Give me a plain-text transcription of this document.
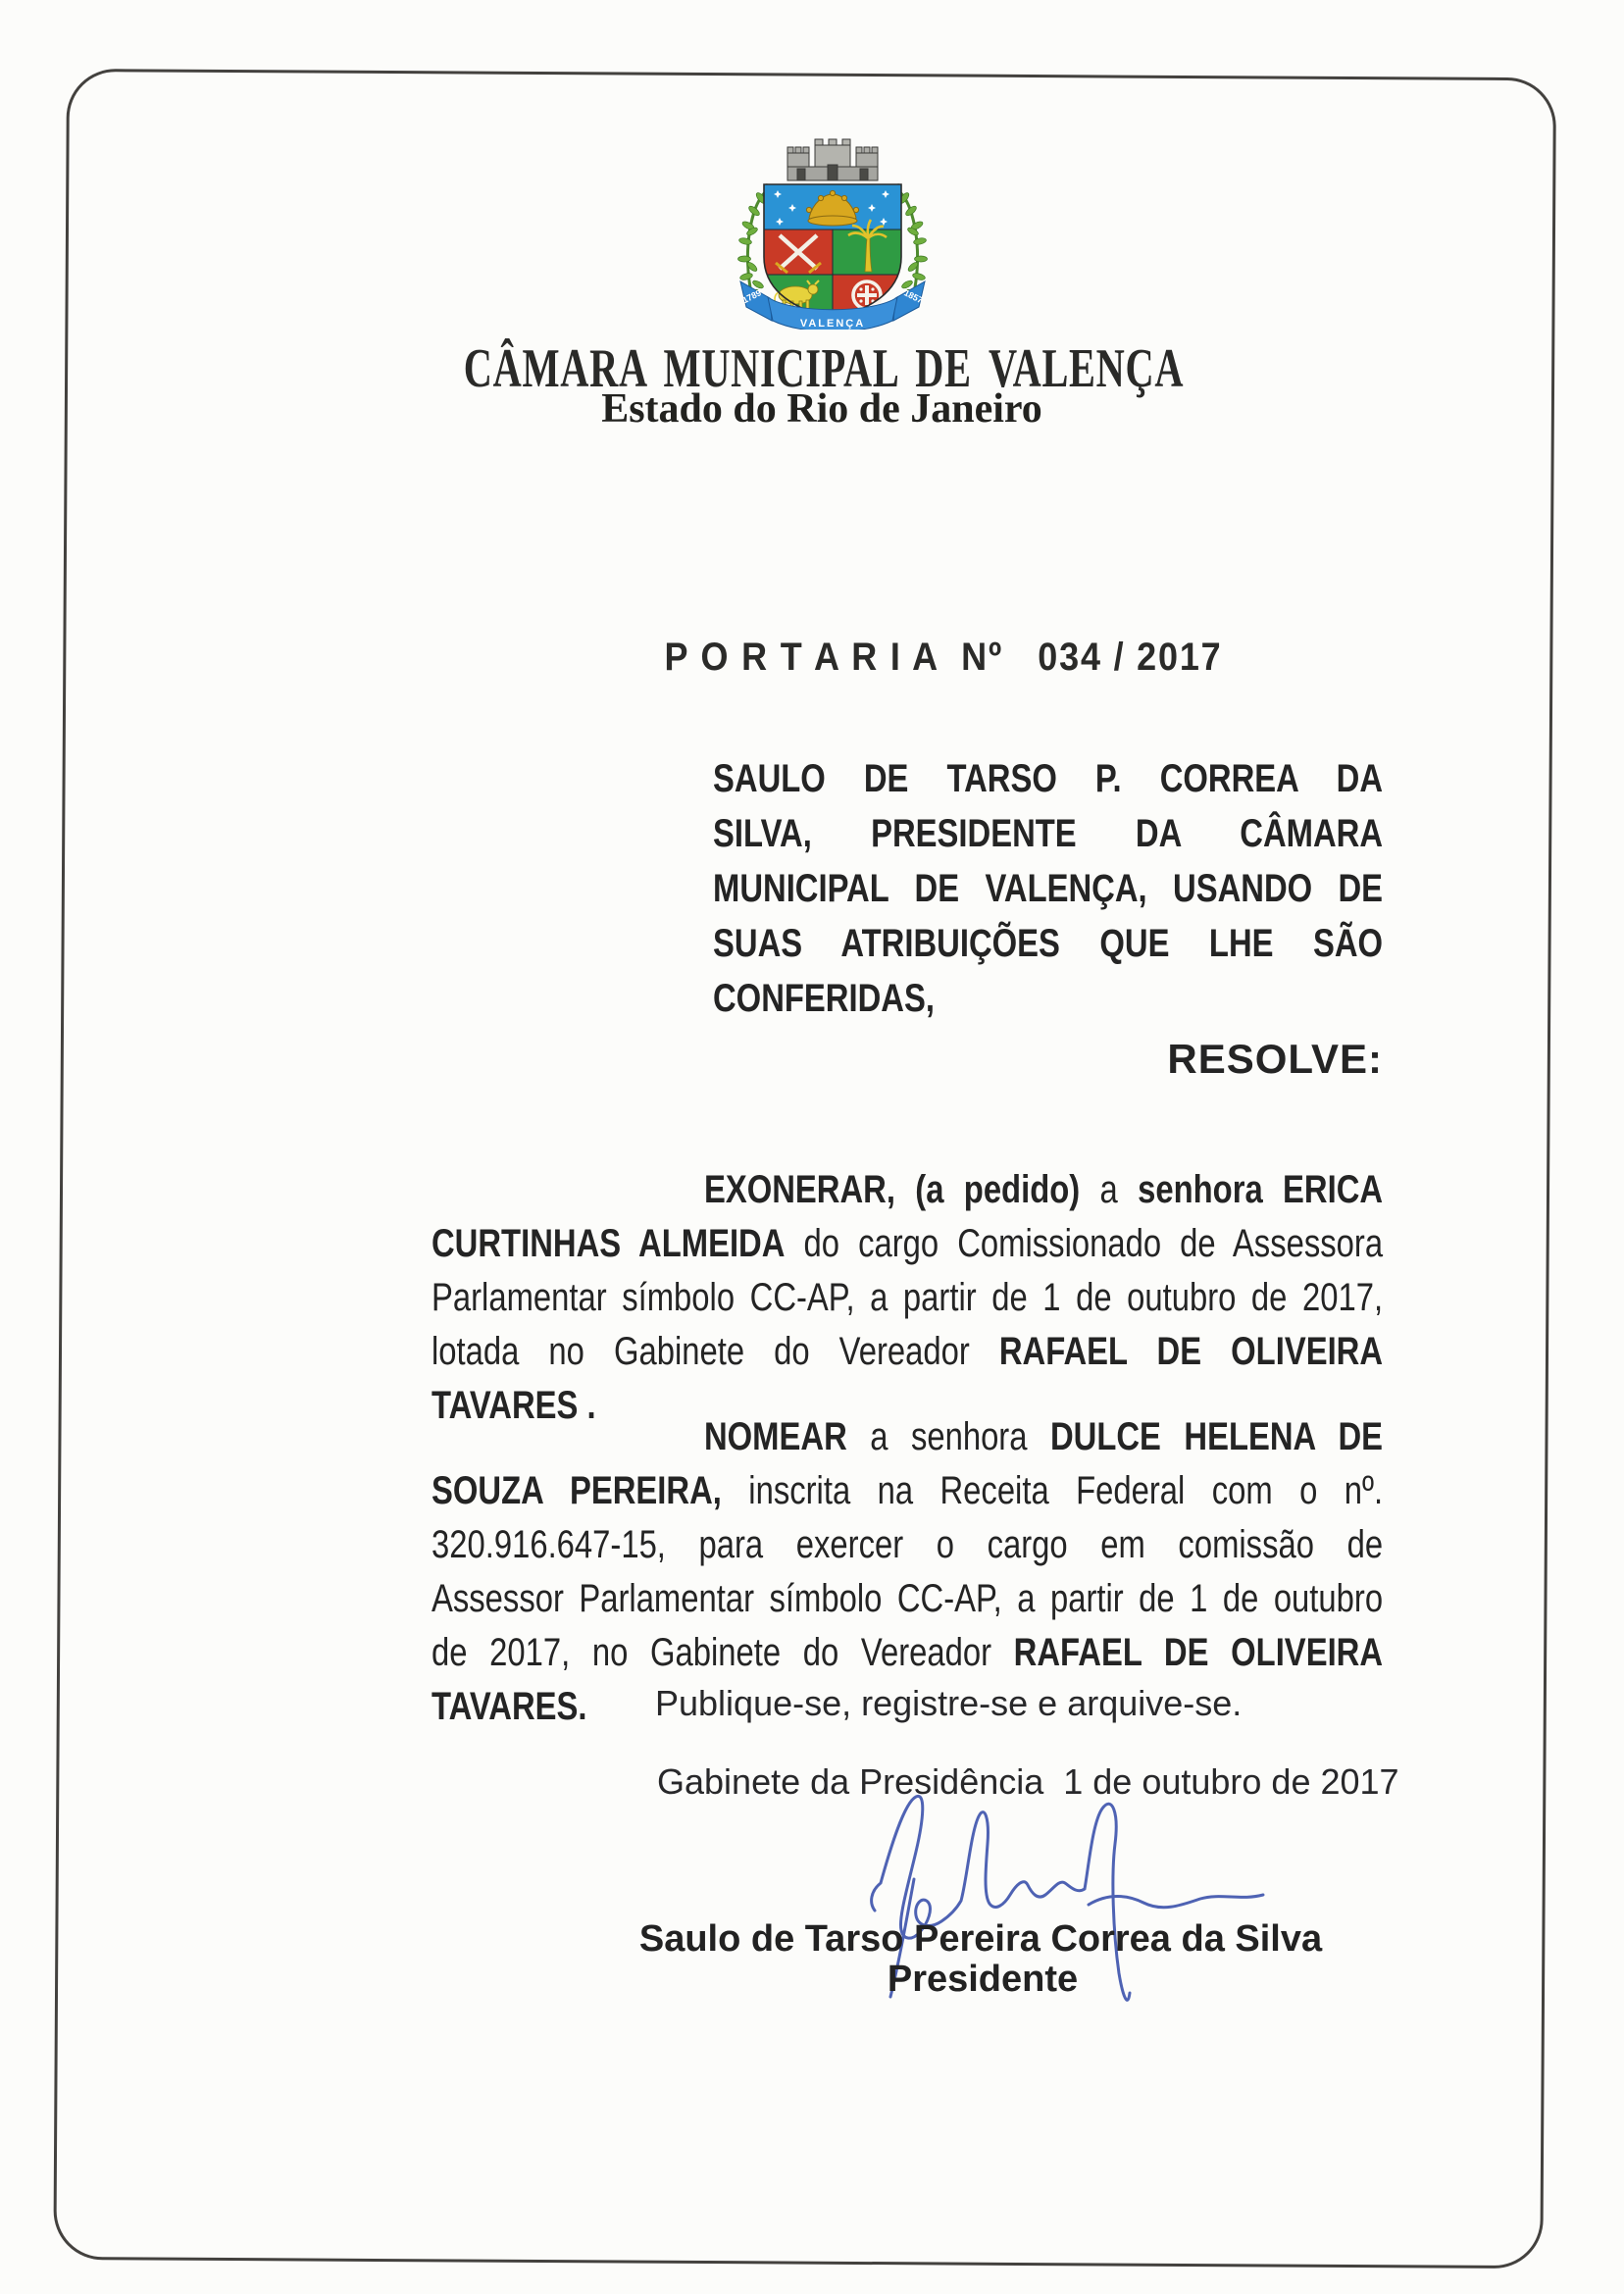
1789
VALENÇA
1857
CÂMARA MUNICIPAL DE VALENÇA
Estado do Rio de Janeiro
P O R T A R I A  Nº   034 / 2017
SAULO DE TARSO P. CORREA DA
SILVA, PRESIDENTE DA CÂMARA
MUNICIPAL DE VALENÇA, USANDO DE
SUAS ATRIBUIÇÕES QUE LHE SÃO
CONFERIDAS,
RESOLVE:
EXONERAR, (a pedido) a senhora ERICA
CURTINHAS ALMEIDA do cargo Comissionado de Assessora
Parlamentar símbolo CC-AP, a partir de 1 de outubro de 2017,
lotada no Gabinete do Vereador RAFAEL DE OLIVEIRA
TAVARES .
NOMEAR a senhora DULCE HELENA DE
SOUZA PEREIRA, inscrita na Receita Federal com o nº.
320.916.647-15, para exercer o cargo em comissão de
Assessor Parlamentar símbolo CC-AP, a partir de 1 de outubro
de 2017, no Gabinete do Vereador RAFAEL DE OLIVEIRA
TAVARES.	Publique-se, registre-se e arquive-se.
Gabinete da Presidência  1 de outubro de 2017
Saulo de Tarso Pereira Correa da Silva
Presidente
